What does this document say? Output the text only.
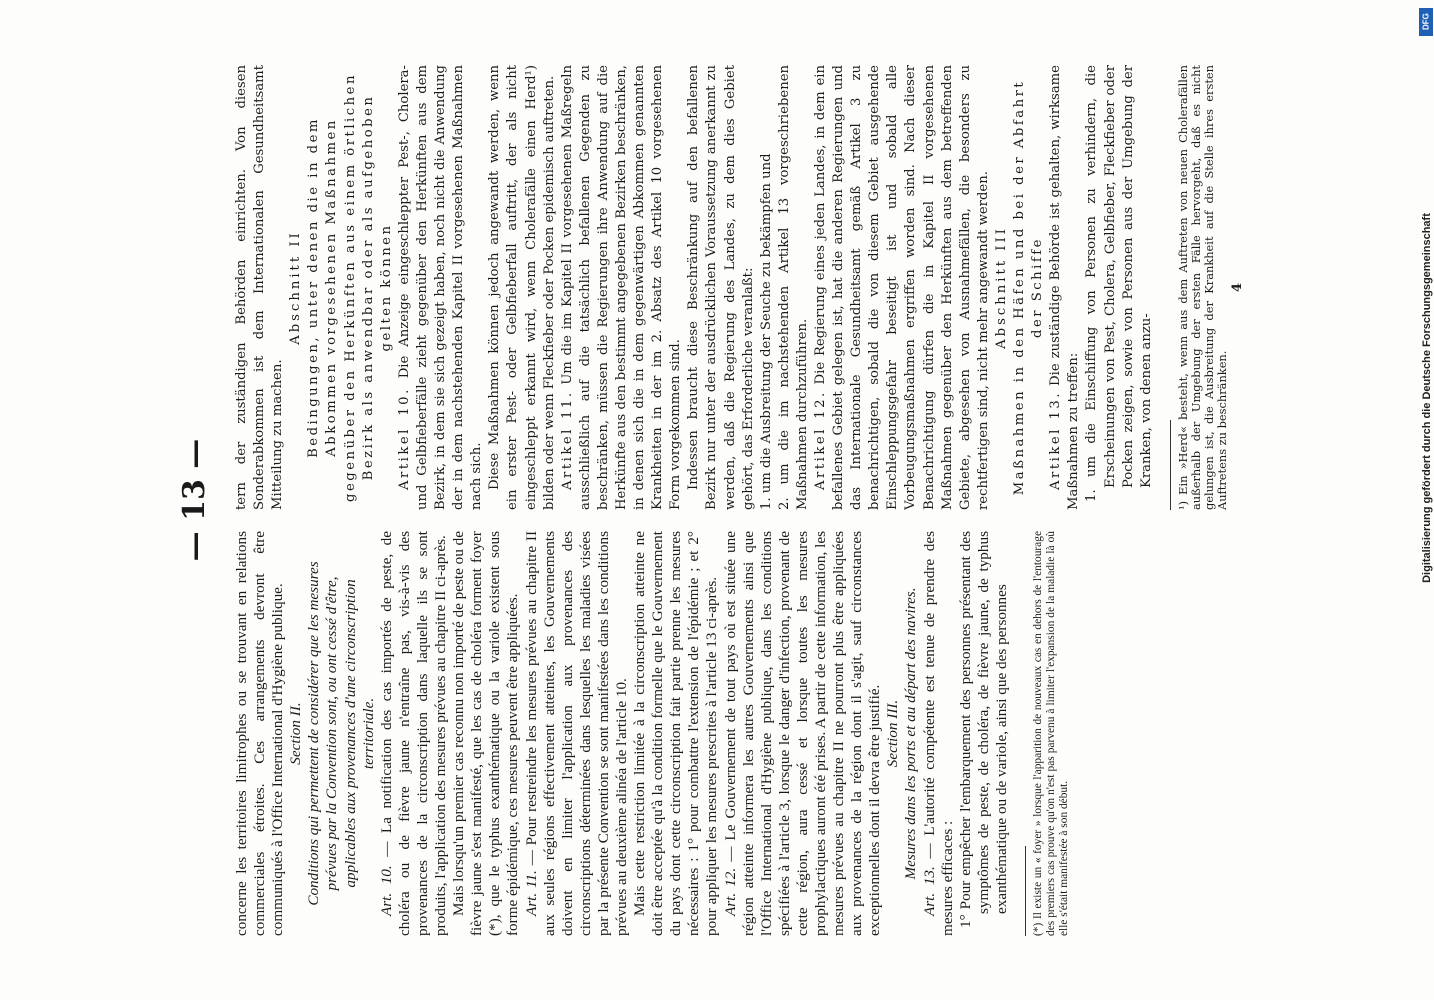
— 13 —

concerne les territoires limitrophes ou se trouvant en relations commerciales étroites. Ces arrangements devront être communiqués à l'Office International d'Hygiène publique. Section II. Conditions qui permettent de considérer que les mesures prévues par la Convention sont, ou ont cessé d'être, applicables aux provenances d'une circonscription territoriale.

Art. 10. — La notification des cas importés de peste, de choléra ou de fièvre jaune n'entraîne pas, vis-à-vis des provenances de la circonscription dans laquelle ils se sont produits, l'application des mesures prévues au chapitre II ci-après. Mais lorsqu'un premier cas reconnu non importé de peste ou de fièvre jaune s'est manifesté, que les cas de choléra forment foyer (*), que le typhus exanthématique ou la variole existent sous forme épidémique, ces mesures peuvent être appliquées. Art. 11. — Pour restreindre les mesures prévues au chapitre II aux seules régions effectivement atteintes, les Gouvernements doivent en limiter l'application aux provenances des circonscriptions déterminées dans lesquelles les maladies visées par la présente Convention se sont manifestées dans les conditions prévues au deuxième alinéa de l'article 10. Mais cette restriction limitée à la circonscription atteinte ne doit être acceptée qu'à la condition formelle que le Gouvernement du pays dont cette circonscription fait partie prenne les mesures nécessaires : 1° pour combattre l'extension de l'épidémie ; et 2° pour appliquer les mesures prescrites à l'article 13 ci-après. Art. 12. — Le Gouvernement de tout pays où est située une région atteinte informera les autres Gouvernements ainsi que l'Office International d'Hygiène publique, dans les conditions spécifiées à l'article 3, lorsque le danger d'infection, provenant de cette région, aura cessé et lorsque toutes les mesures prophylactiques auront été prises. A partir de cette information, les mesures prévues au chapitre II ne pourront plus être appliquées aux provenances de la région dont il s'agit, sauf circonstances exceptionnelles dont il devra être justifié. Section III. Mesures dans les ports et au départ des navires.

Art. 13. — L'autorité compétente est tenue de prendre des mesures efficaces : 1° Pour empêcher l'embarquement des personnes présentant des symptômes de peste, de choléra, de fièvre jaune, de typhus exanthématique ou de variole, ainsi que des personnes (*) Il existe un « foyer » lorsque l'apparition de nouveaux cas en dehors de l'entourage des premiers cas prouve qu'on n'est pas parvenu à limiter l'expansion de la maladie là où elle s'était manifestée à son début.

tern der zuständigen Behörden einrichten. Von diesen Sonderabkommen ist dem Internationalen Gesundheitsamt Mitteilung zu machen.

Abschnitt II Bedingungen, unter denen die in dem Abkommen vorgesehenen Maßnahmen gegenüber den Herkünften aus einem örtlichen Bezirk als anwendbar oder als aufgehoben gelten können

Artikel 10. Die Anzeige eingeschleppter Pest-, Cholera- und Gelbfieberfälle zieht gegenüber den Herkünften aus dem Bezirk, in dem sie sich gezeigt haben, noch nicht die Anwendung der in dem nachstehenden Kapitel II vorgesehenen Maßnahmen nach sich. Diese Maßnahmen können jedoch angewandt werden, wenn ein erster Pest- oder Gelbfieberfall auftritt, der als nicht eingeschleppt erkannt wird, wenn Cholerafälle einen Herd¹) bilden oder wenn Fleckfieber oder Pocken epidemisch auftreten. Artikel 11. Um die im Kapitel II vorgesehenen Maßregeln ausschließlich auf die tatsächlich befallenen Gegenden zu beschränken, müssen die Regierungen ihre Anwendung auf die Herkünfte aus den bestimmt angegebenen Bezirken beschränken, in denen sich die in dem gegenwärtigen Abkommen genannten Krankheiten in der im 2. Absatz des Artikel 10 vorgesehenen Form vorgekommen sind. Indessen braucht diese Beschränkung auf den befallenen Bezirk nur unter der ausdrücklichen Voraussetzung anerkannt zu werden, daß die Regierung des Landes, zu dem dies Gebiet gehört, das Erforderliche veranlaßt: 1. um die Ausbreitung der Seuche zu bekämpfen und 2. um die im nachstehenden Artikel 13 vorgeschriebenen Maßnahmen durchzuführen. Artikel 12. Die Regierung eines jeden Landes, in dem ein befallenes Gebiet gelegen ist, hat die anderen Regierungen und das Internationale Gesundheitsamt gemäß Artikel 3 zu benachrichtigen, sobald die von diesem Gebiet ausgehende Einschleppungsgefahr beseitigt ist und sobald alle Vorbeugungsmaßnahmen ergriffen worden sind. Nach dieser Benachrichtigung dürfen die in Kapitel II vorgesehenen Maßnahmen gegenüber den Herkünften aus dem betreffenden Gebiete, abgesehen von Ausnahmefällen, die besonders zu rechtfertigen sind, nicht mehr angewandt werden. Abschnitt III Maßnahmen in den Häfen und bei der Abfahrt der Schiffe

Artikel 13. Die zuständige Behörde ist gehalten, wirksame Maßnahmen zu treffen: 1. um die Einschiffung von Personen zu verhindern, die Erscheinungen von Pest, Cholera, Gelbfieber, Fleckfieber oder Pocken zeigen, sowie von Personen aus der Umgebung der Kranken, von denen anzu- ¹) Ein »Herd« besteht, wenn aus dem Auftreten von neuen Cholerafällen außerhalb der Umgebung der ersten Fälle hervorgeht, daß es nicht gelungen ist, die Ausbreitung der Krankheit auf die Stelle ihres ersten Auftretens zu beschränken.

4

DFG
Digitalisierung gefördert durch die Deutsche Forschungsgemeinschaft
